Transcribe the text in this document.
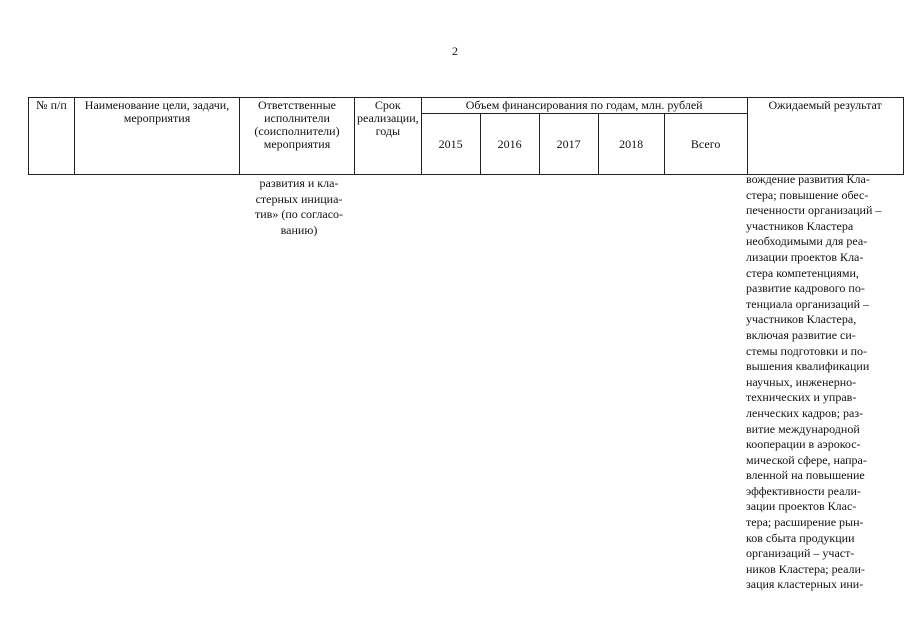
2
№ п/п	Наименование цели, задачи, мероприятия	Ответственные исполнители (соисполнители) мероприятия	Срок реализации, годы	Объем финансирования по годам, млн. рублей					Ожидаемый результат
				2015	2016	2017	2018	Всего	
развития и кла-
стерных инициа-
тив» (по согласо-
ванию)
вождение развития Кла-
стера; повышение обес-
печенности организаций –
участников Кластера
необходимыми для реа-
лизации проектов Кла-
стера компетенциями,
развитие кадрового по-
тенциала организаций –
участников Кластера,
включая развитие си-
стемы подготовки и по-
вышения квалификации
научных, инженерно-
технических и управ-
ленческих кадров; раз-
витие международной
кооперации в аэрокос-
мической сфере, напра-
вленной на повышение
эффективности реали-
зации проектов Клас-
тера; расширение рын-
ков сбыта продукции
организаций – участ-
ников Кластера; реали-
зация кластерных ини-
